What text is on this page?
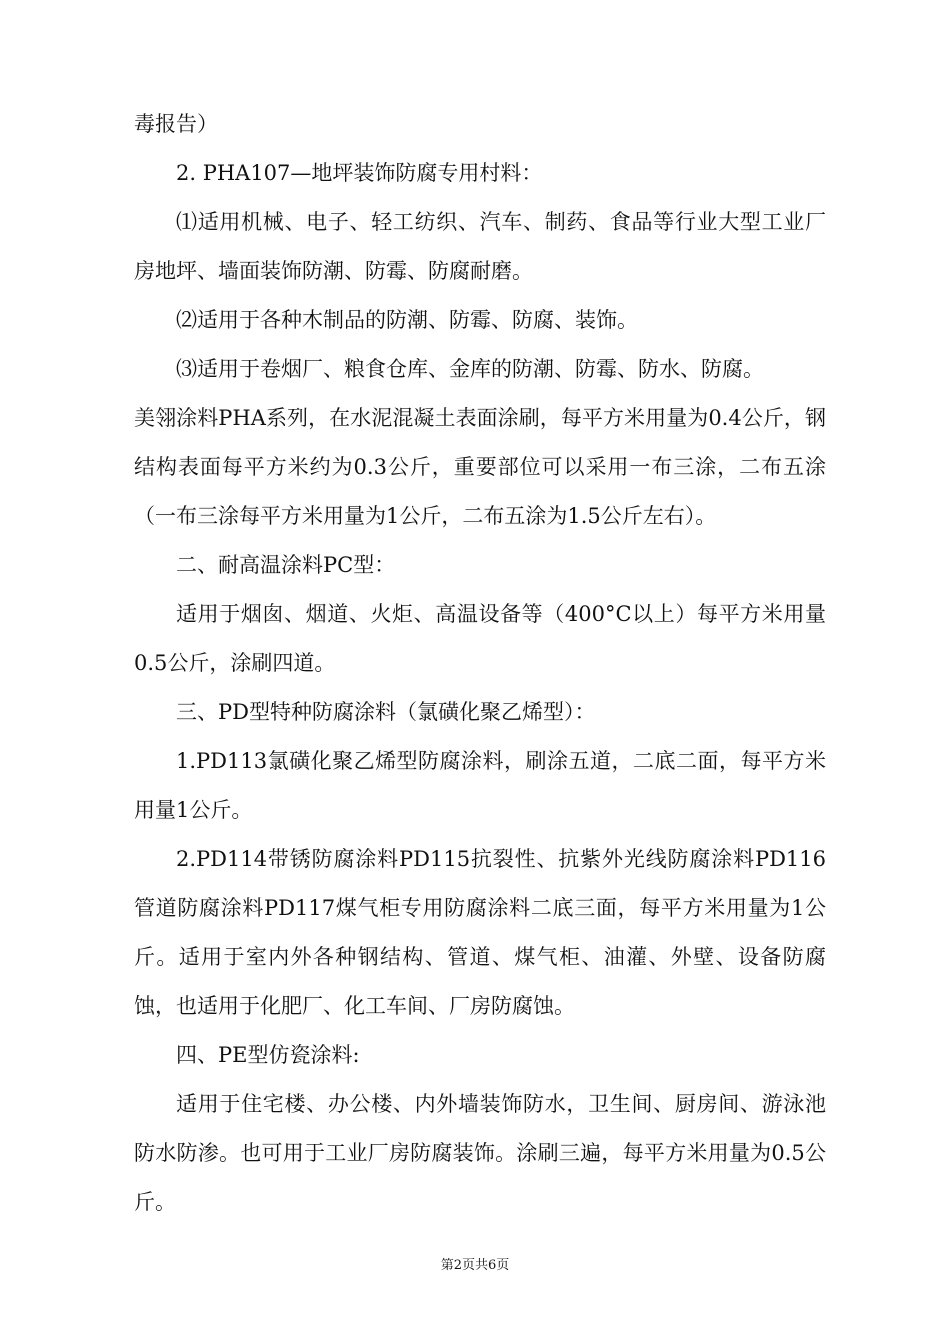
毒报告）

2. PHA107—地坪装饰防腐专用村料：

⑴适用机械、电子、轻工纺织、汽车、制药、食品等行业大型工业厂房地坪、墙面装饰防潮、防霉、防腐耐磨。

⑵适用于各种木制品的防潮、防霉、防腐、装饰。

⑶适用于卷烟厂、粮食仓库、金库的防潮、防霉、防水、防腐。

美翎涂料PHA系列，在水泥混凝土表面涂刷，每平方米用量为0.4公斤，钢结构表面每平方米约为0.3公斤，重要部位可以采用一布三涂，二布五涂（一布三涂每平方米用量为1公斤，二布五涂为1.5公斤左右）。

二、耐高温涂料PC型：

适用于烟囱、烟道、火炬、高温设备等（400°C以上）每平方米用量0.5公斤，涂刷四道。

三、PD型特种防腐涂料（氯磺化聚乙烯型）：

1.PD113氯磺化聚乙烯型防腐涂料，刷涂五道，二底二面，每平方米用量1公斤。

2.PD114带锈防腐涂料PD115抗裂性、抗紫外光线防腐涂料PD116管道防腐涂料PD117煤气柜专用防腐涂料二底三面，每平方米用量为1公斤。适用于室内外各种钢结构、管道、煤气柜、油灌、外壁、设备防腐蚀，也适用于化肥厂、化工车间、厂房防腐蚀。

四、PE型仿瓷涂料:

适用于住宅楼、办公楼、内外墙装饰防水，卫生间、厨房间、游泳池防水防渗。也可用于工业厂房防腐装饰。涂刷三遍，每平方米用量为0.5公斤。

第2页共6页
